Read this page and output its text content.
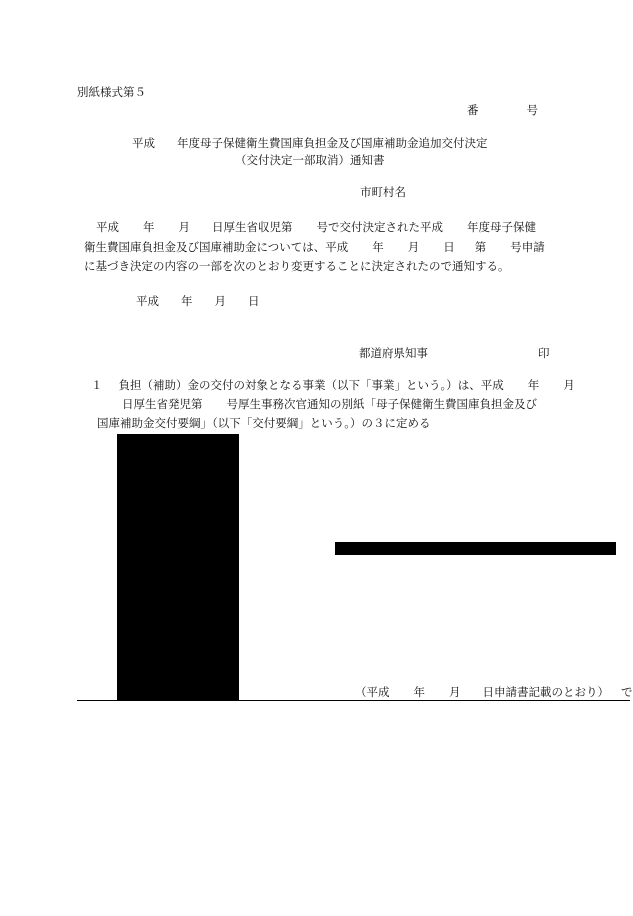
別紙様式第５
番	号
平成 年度母子保健衛生費国庫負担金及び国庫補助金追加交付決定
（交付決定一部取消）通知書
市町村名
平成 年 月 日厚生省収児第 号で交付決定された平成 年度母子保健
衛生費国庫負担金及び国庫補助金については、平成 年 月 日 第 号申請
に基づき決定の内容の一部を次のとおり変更することに決定されたので通知する。
平成 年 月 日
都道府県知事	印
１ 負担（補助）金の交付の対象となる事業（以下「事業」という。）は、平成 年 月
日厚生省発児第 号厚生事務次官通知の別紙「母子保健衛生費国庫負担金及び
国庫補助金交付要綱」（以下「交付要綱」という。）の３に定める
（平成 年 月 日申請書記載のとおり） で
